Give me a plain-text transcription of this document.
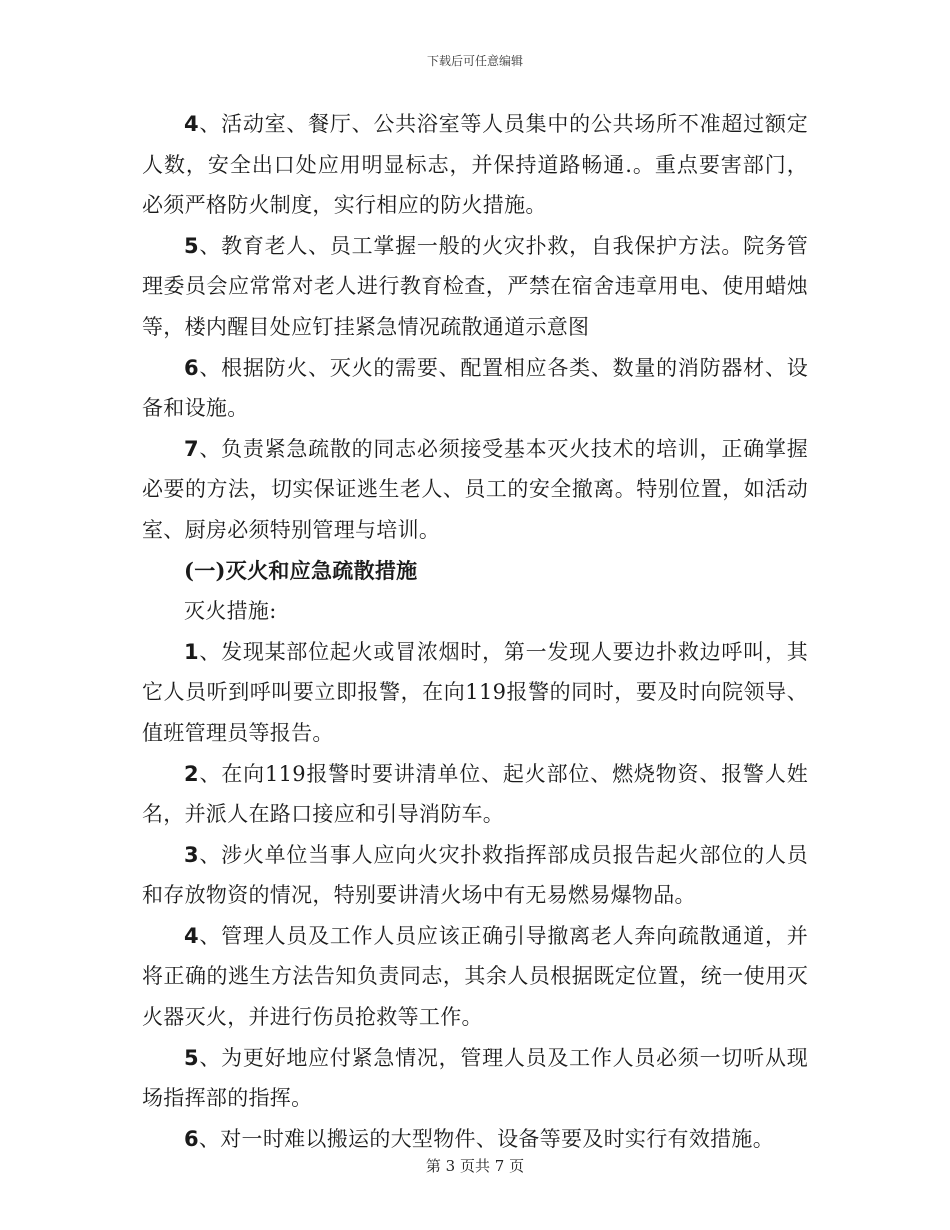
下载后可任意编辑

4、活动室、餐厅、公共浴室等人员集中的公共场所不准超过额定人数，安全出口处应用明显标志，并保持道路畅通.。重点要害部门，必须严格防火制度，实行相应的防火措施。

5、教育老人、员工掌握一般的火灾扑救，自我保护方法。院务管理委员会应常常对老人进行教育检查，严禁在宿舍违章用电、使用蜡烛等，楼内醒目处应钉挂紧急情况疏散通道示意图

6、根据防火、灭火的需要、配置相应各类、数量的消防器材、设备和设施。

7、负责紧急疏散的同志必须接受基本灭火技术的培训，正确掌握必要的方法，切实保证逃生老人、员工的安全撤离。特别位置，如活动室、厨房必须特别管理与培训。

(一)灭火和应急疏散措施

灭火措施:

1、发现某部位起火或冒浓烟时，第一发现人要边扑救边呼叫，其它人员听到呼叫要立即报警，在向119报警的同时，要及时向院领导、值班管理员等报告。

2、在向119报警时要讲清单位、起火部位、燃烧物资、报警人姓名，并派人在路口接应和引导消防车。

3、涉火单位当事人应向火灾扑救指挥部成员报告起火部位的人员和存放物资的情况，特别要讲清火场中有无易燃易爆物品。

4、管理人员及工作人员应该正确引导撤离老人奔向疏散通道，并将正确的逃生方法告知负责同志，其余人员根据既定位置，统一使用灭火器灭火，并进行伤员抢救等工作。

5、为更好地应付紧急情况，管理人员及工作人员必须一切听从现场指挥部的指挥。

6、对一时难以搬运的大型物件、设备等要及时实行有效措施。

第 3 页共 7 页
